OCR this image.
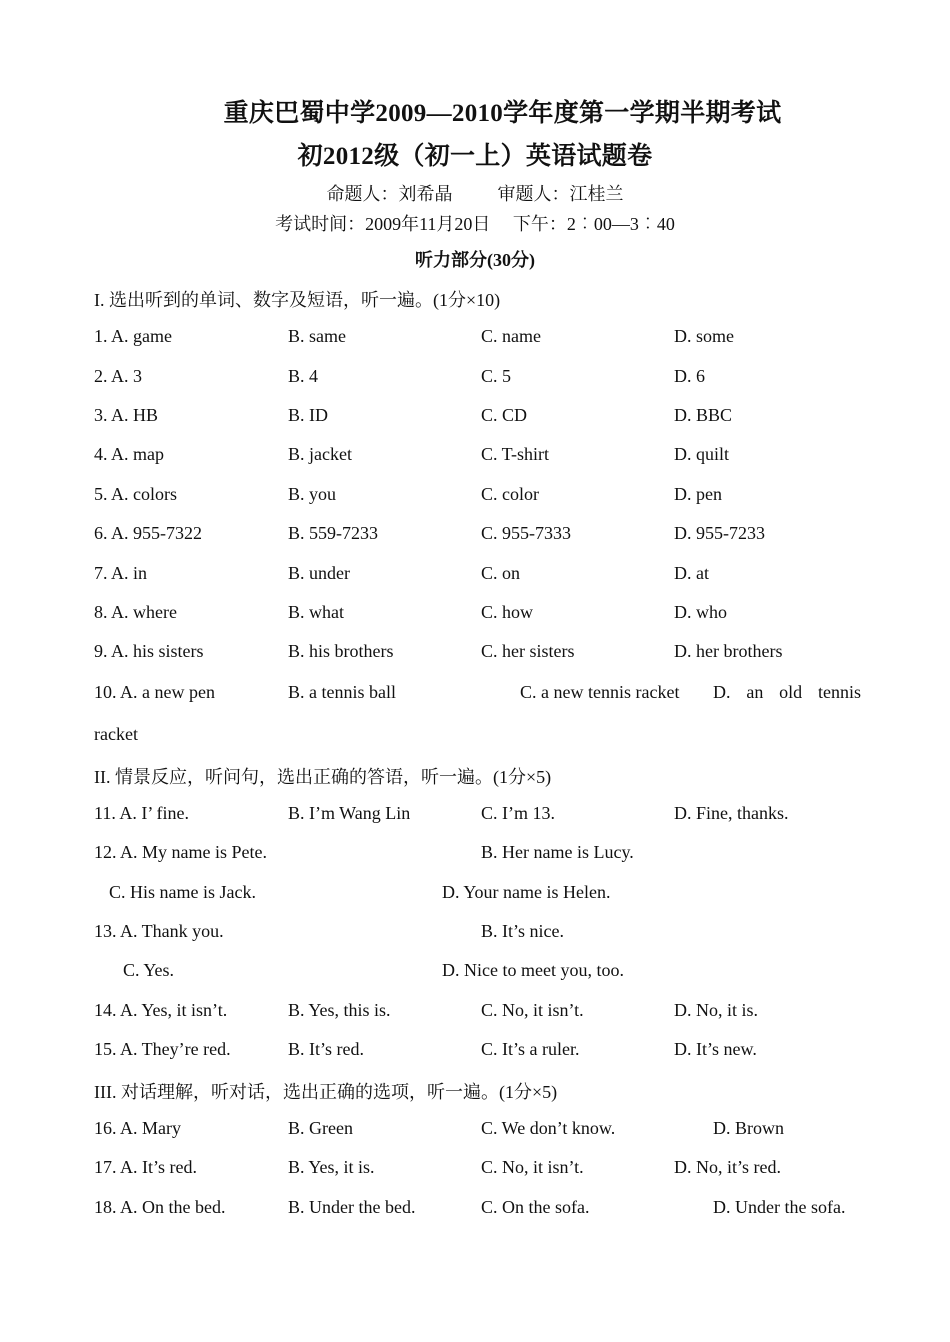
重庆巴蜀中学2009—2010学年度第一学期半期考试
初2012级（初一上）英语试题卷
命题人：刘希晶          审题人：江桂兰
考试时间：2009年11月20日     下午：2︰00—3︰40
听力部分(30分)
I. 选出听到的单词、数字及短语，听一遍。(1分×10)
1. A. game	B. same	C. name	D. some
2. A. 3	B. 4	C. 5	D. 6
3. A. HB	B. ID	C. CD	D. BBC
4. A. map	B. jacket	C. T-shirt	D. quilt
5. A. colors	B. you	C. color	D. pen
6. A. 955-7322	B. 559-7233	C. 955-7333	D. 955-7233
7. A. in	B. under	C. on	D. at
8. A. where	B. what	C. how	D. who
9. A. his sisters	B. his brothers	C. her sisters	D. her brothers
10. A. a new pen	B. a tennis ball	C. a new tennis racket D. an old tennis
racket
II. 情景反应，听问句，选出正确的答语，听一遍。(1分×5)
11. A. I’ fine.	B. I’m Wang Lin	C. I’m 13.	D. Fine, thanks.
12. A. My name is Pete.	B. Her name is Lucy.
C. His name is Jack.	D. Your name is Helen.
13. A. Thank you.	B. It’s nice.
C. Yes.	D. Nice to meet you, too.
14. A. Yes, it isn’t.	B. Yes, this is.	C. No, it isn’t.	D. No, it is.
15. A. They’re red.	B. It’s red.	C. It’s a ruler.	D. It’s new.
III. 对话理解，听对话，选出正确的选项，听一遍。(1分×5)
16. A. Mary	B. Green	C. We don’t know.	D. Brown
17. A. It’s red.	B. Yes, it is.	C. No, it isn’t.	D. No, it’s red.
18. A. On the bed.	B. Under the bed.	C. On the sofa.	D. Under the sofa.
